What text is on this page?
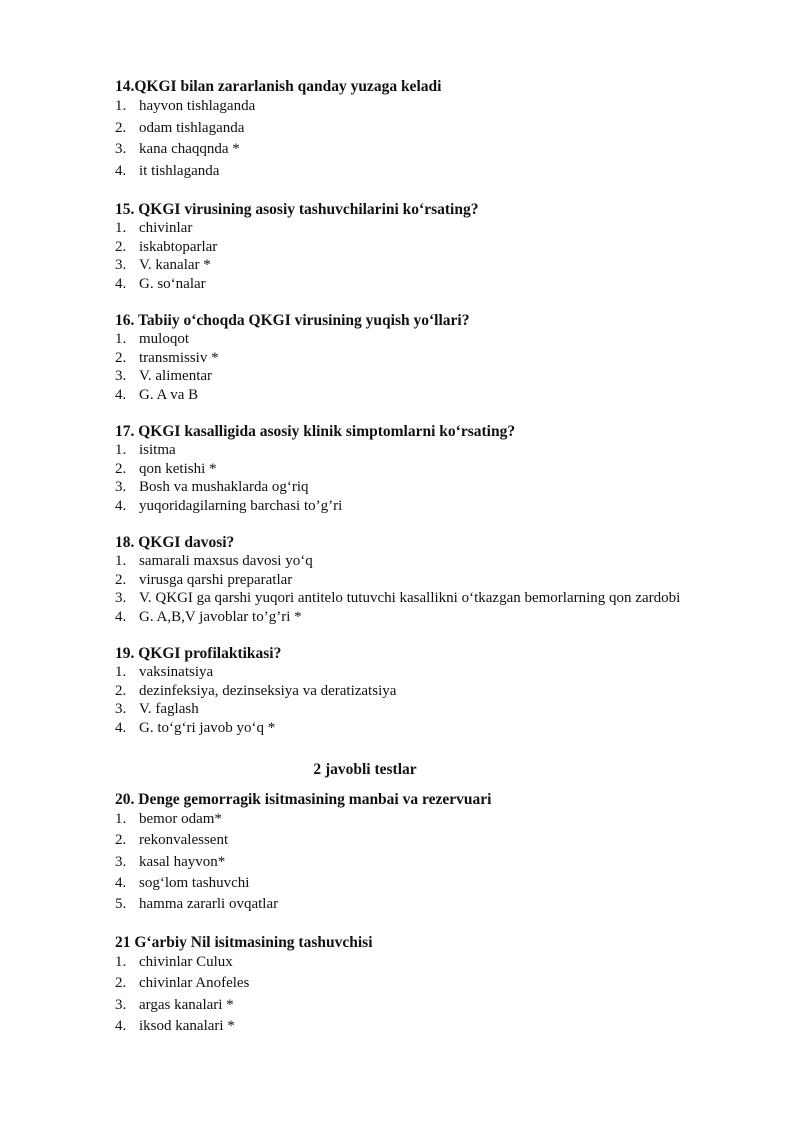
14.QKGI bilan zararlanish qanday yuzaga keladi
1. hayvon tishlaganda
2. odam tishlaganda
3. kana chaqqnda *
4. it tishlaganda
15. QKGI virusining asosiy tashuvchilarini ko‘rsating?
1. chivinlar
2. iskabtoparlar
3. V. kanalar *
4. G. so‘nalar
16. Tabiiy o‘choqda QKGI virusining yuqish yo‘llari?
1. muloqot
2. transmissiv *
3. V. alimentar
4. G. A va B
17. QKGI kasalligida asosiy klinik simptomlarni ko‘rsating?
1. isitma
2. qon ketishi *
3. Bosh va mushaklarda og‘riq
4. yuqoridagilarning barchasi to’g’ri
18. QKGI davosi?
1. samarali maxsus davosi yo‘q
2. virusga qarshi preparatlar
3. V. QKGI ga qarshi yuqori antitelo tutuvchi kasallikni o‘tkazgan bemorlarning qon zardobi
4. G. A,B,V javoblar to’g’ri *
19. QKGI profilaktikasi?
1. vaksinatsiya
2. dezinfeksiya, dezinseksiya va deratizatsiya
3. V. faglash
4. G. to‘g‘ri javob yo‘q *
2 javobli testlar
20. Denge gemorragik isitmasining manbai va rezervuari
1. bemor odam*
2. rekonvalessent
3. kasal hayvon*
4. sog‘lom tashuvchi
5. hamma zararli ovqatlar
21 G‘arbiy Nil isitmasining tashuvchisi
1. chivinlar Culux
2. chivinlar Anofeles
3. argas kanalari *
4. iksod kanalari *
